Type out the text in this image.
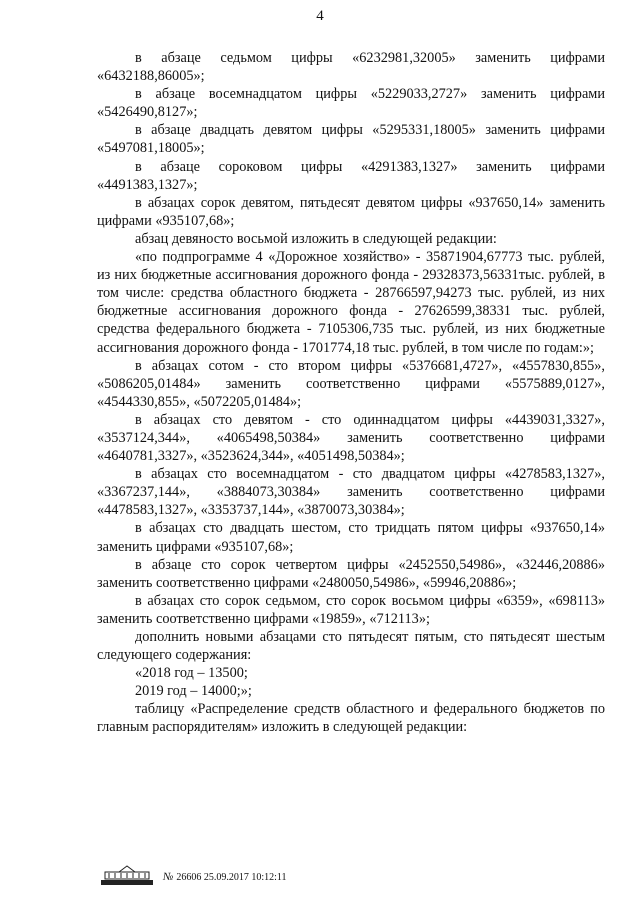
4

в абзаце седьмом цифры «6232981,32005» заменить цифрами «6432188,86005»;

в абзаце восемнадцатом цифры «5229033,2727» заменить цифрами «5426490,8127»;

в абзаце двадцать девятом цифры «5295331,18005» заменить цифрами «5497081,18005»;

в абзаце сороковом цифры «4291383,1327» заменить цифрами «4491383,1327»;

в абзацах сорок девятом, пятьдесят девятом цифры «937650,14» заменить цифрами «935107,68»;

абзац девяносто восьмой изложить в следующей редакции:

«по подпрограмме 4 «Дорожное хозяйство» - 35871904,67773 тыс. рублей, из них бюджетные ассигнования дорожного фонда - 29328373,56331тыс. рублей, в том числе: средства областного бюджета - 28766597,94273 тыс. рублей, из них бюджетные ассигнования дорожного фонда - 27626599,38331 тыс. рублей, средства федерального бюджета - 7105306,735 тыс. рублей, из них бюджетные ассигнования дорожного фонда - 1701774,18 тыс. рублей, в том числе по годам:»;

в абзацах сотом - сто втором цифры «5376681,4727», «4557830,855», «5086205,01484» заменить соответственно цифрами «5575889,0127», «4544330,855», «5072205,01484»;

в абзацах сто девятом - сто одиннадцатом цифры «4439031,3327», «3537124,344», «4065498,50384» заменить соответственно цифрами «4640781,3327», «3523624,344», «4051498,50384»;

в абзацах сто восемнадцатом - сто двадцатом цифры «4278583,1327», «3367237,144», «3884073,30384» заменить соответственно цифрами «4478583,1327», «3353737,144», «3870073,30384»;

в абзацах сто двадцать шестом, сто тридцать пятом цифры «937650,14» заменить цифрами «935107,68»;

в абзаце сто сорок четвертом цифры «2452550,54986», «32446,20886» заменить соответственно цифрами «2480050,54986», «59946,20886»;

в абзацах сто сорок седьмом, сто сорок восьмом цифры «6359», «698113» заменить соответственно цифрами «19859», «712113»;

дополнить новыми абзацами сто пятьдесят пятым, сто пятьдесят шестым следующего содержания:

«2018 год – 13500;

2019 год – 14000;»;

таблицу «Распределение средств областного и федерального бюджетов по главным распорядителям» изложить в следующей редакции:

№ 26606 25.09.2017 10:12:11
